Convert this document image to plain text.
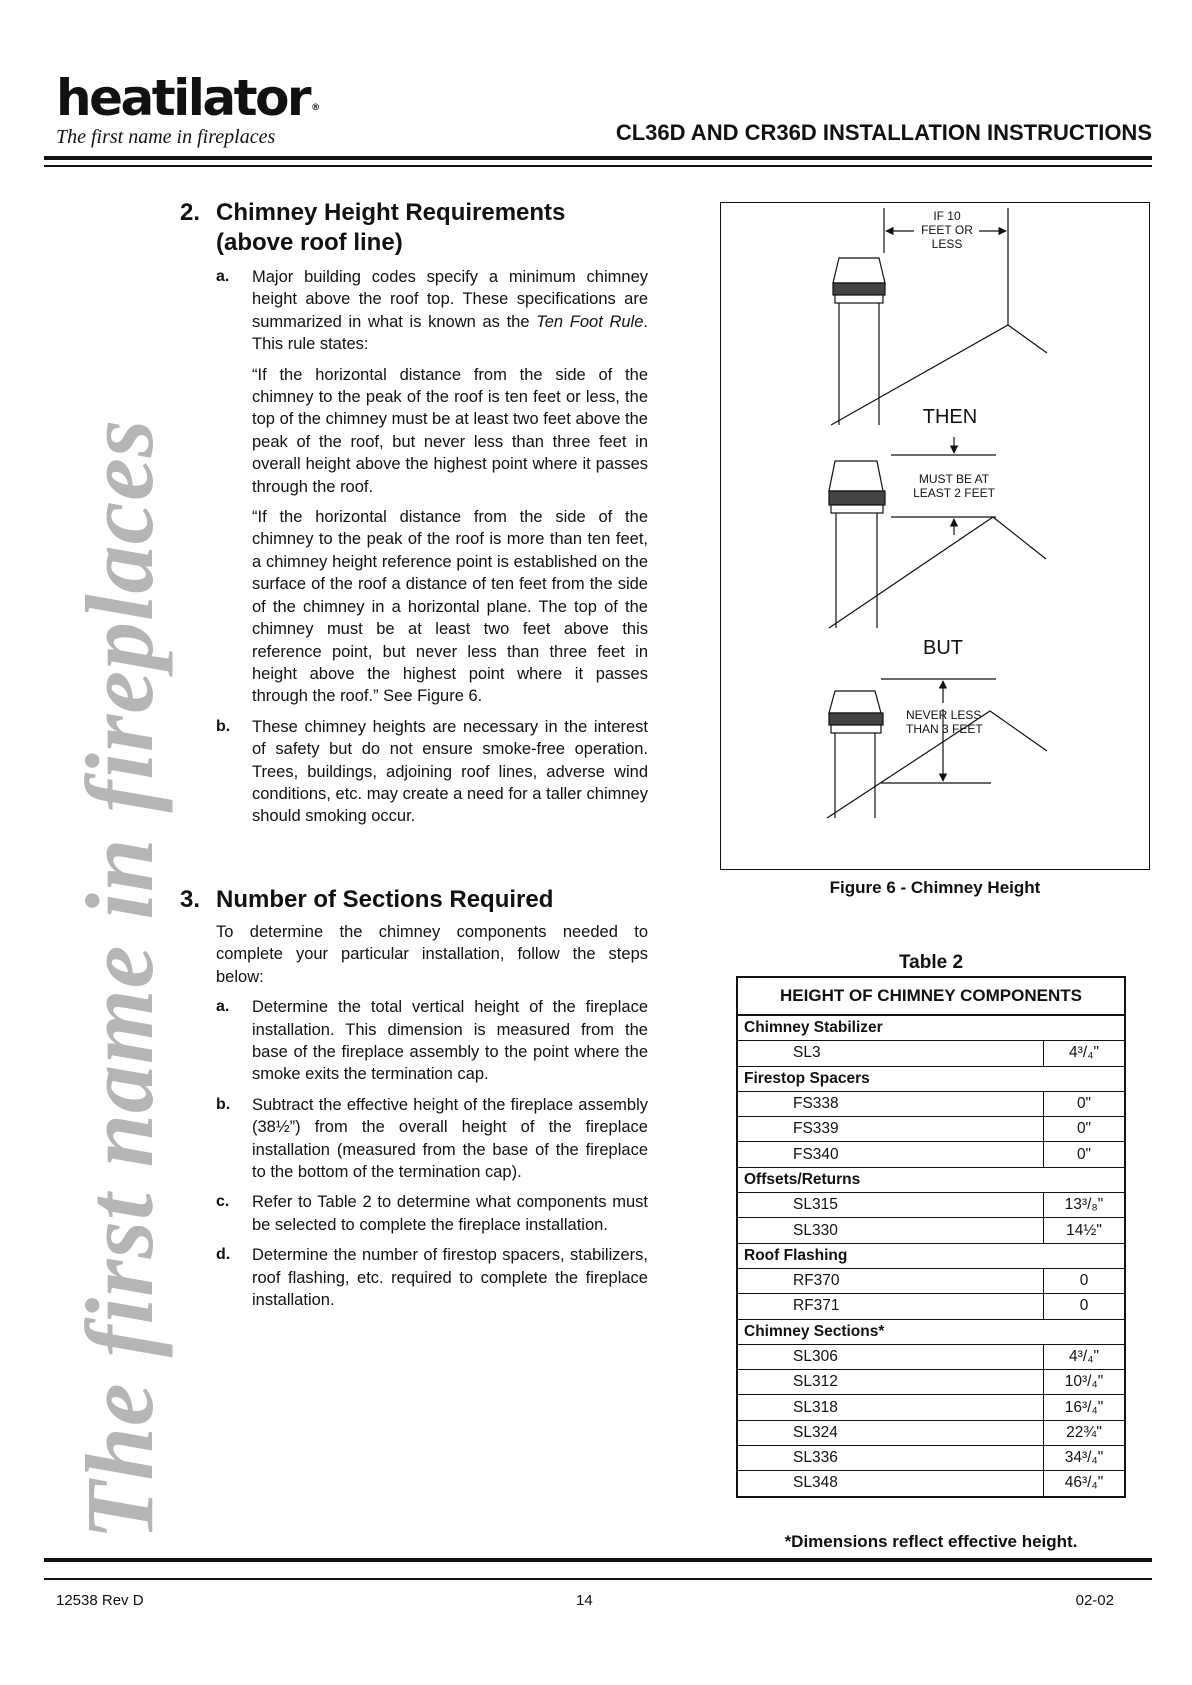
heatilator ®
The first name in fireplaces	CL36D AND CR36D INSTALLATION INSTRUCTIONS
The first name in fireplaces
2. Chimney Height Requirements (above roof line)
a. Major building codes specify a minimum chimney height above the roof top. These specifications are summarized in what is known as the Ten Foot Rule. This rule states:
“If the horizontal distance from the side of the chimney to the peak of the roof is ten feet or less, the top of the chimney must be at least two feet above the peak of the roof, but never less than three feet in overall height above the highest point where it passes through the roof.
“If the horizontal distance from the side of the chimney to the peak of the roof is more than ten feet, a chimney height reference point is established on the surface of the roof a distance of ten feet from the side of the chimney in a horizontal plane. The top of the chimney must be at least two feet above this reference point, but never less than three feet in height above the highest point where it passes through the roof.” See Figure 6.
b. These chimney heights are necessary in the interest of safety but do not ensure smoke-free operation. Trees, buildings, adjoining roof lines, adverse wind conditions, etc. may create a need for a taller chimney should smoking occur.
3. Number of Sections Required
To determine the chimney components needed to complete your particular installation, follow the steps below:
a. Determine the total vertical height of the fireplace installation. This dimension is measured from the base of the fireplace assembly to the point where the smoke exits the termination cap.
b. Subtract the effective height of the fireplace assembly (38½”) from the overall height of the fireplace installation (measured from the base of the fireplace to the bottom of the termination cap).
c. Refer to Table 2 to determine what components must be selected to complete the fireplace installation.
d. Determine the number of firestop spacers, stabilizers, roof flashing, etc. required to complete the fireplace installation.
IF 10
FEET OR
LESS
THEN
MUST BE AT
LEAST 2 FEET
BUT
NEVER LESS
THAN 3 FEET
Figure 6 - Chimney Height
Table 2
HEIGHT OF CHIMNEY COMPONENTS	
Chimney Stabilizer	
SL3	4³/₄"
Firestop Spacers	
FS338	0"
FS339	0"
FS340	0"
Offsets/Returns	
SL315	13³/₈"
SL330	14½"
Roof Flashing	
RF370	0
RF371	0
Chimney Sections*	
SL306	4³/₄"
SL312	10³/₄"
SL318	16³/₄"
SL324	22¾"
SL336	34³/₄"
SL348	46³/₄"
*Dimensions reflect effective height.
12538 Rev D	14	02-02
